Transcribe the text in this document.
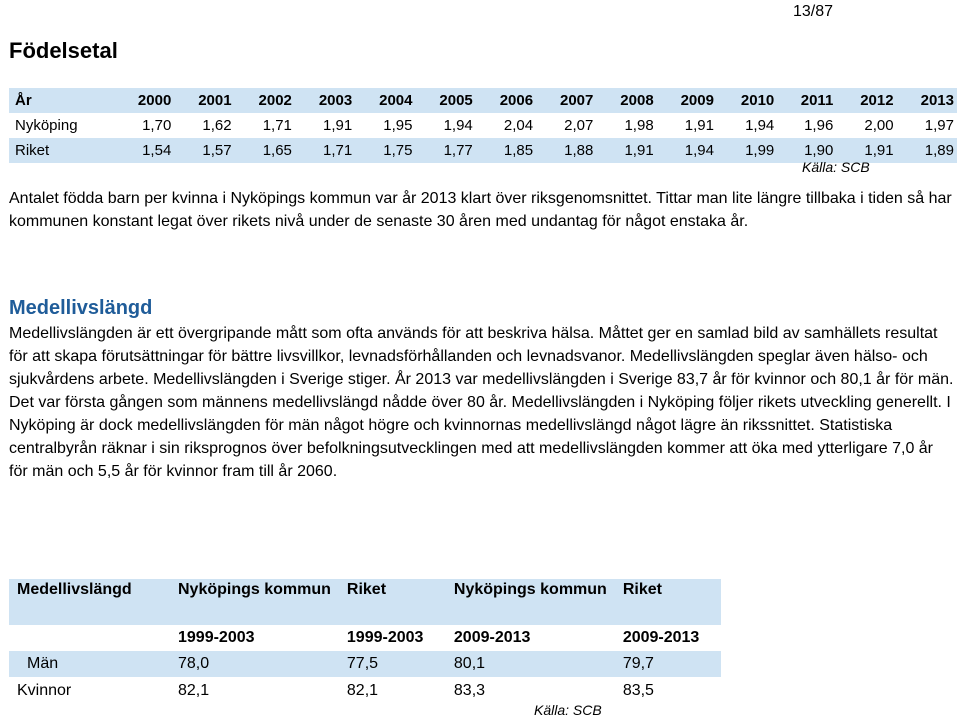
13/87
Födelsetal
År	2000	2001	2002	2003	2004	2005	2006	2007	2008	2009	2010	2011	2012	2013
Nyköping	1,70	1,62	1,71	1,91	1,95	1,94	2,04	2,07	1,98	1,91	1,94	1,96	2,00	1,97
Riket	1,54	1,57	1,65	1,71	1,75	1,77	1,85	1,88	1,91	1,94	1,99	1,90	1,91	1,89
Källa: SCB

Antalet födda barn per kvinna i Nyköpings kommun var år 2013 klart över riksgenomsnittet. Tittar man lite längre tillbaka i tiden så har kommunen konstant legat över rikets nivå under de senaste 30 åren med undantag för något enstaka år.

Medellivslängd

Medellivslängden är ett övergripande mått som ofta används för att beskriva hälsa. Måttet ger en samlad bild av samhällets resultat för att skapa förutsättningar för bättre livsvillkor, levnadsförhållanden och levnadsvanor. Medellivslängden speglar även hälso- och sjukvårdens arbete. Medellivslängden i Sverige stiger. År 2013 var medellivslängden i Sverige 83,7 år för kvinnor och 80,1 år för män. Det var första gången som männens medellivslängd nådde över 80 år. Medellivslängden i Nyköping följer rikets utveckling generellt. I Nyköping är dock medellivslängden för män något högre och kvinnornas medellivslängd något lägre än rikssnittet. Statistiska centralbyrån räknar i sin riksprognos över befolkningsutvecklingen med att medellivslängden kommer att öka med ytterligare 7,0 år för män och 5,5 år för kvinnor fram till år 2060.

Medellivslängd	Nyköpings kommun	Riket	Nyköpings kommun	Riket
	1999-2003	1999-2003	2009-2013	2009-2013
Män	78,0	77,5	80,1	79,7
Kvinnor	82,1	82,1	83,3	83,5
Källa: SCB
